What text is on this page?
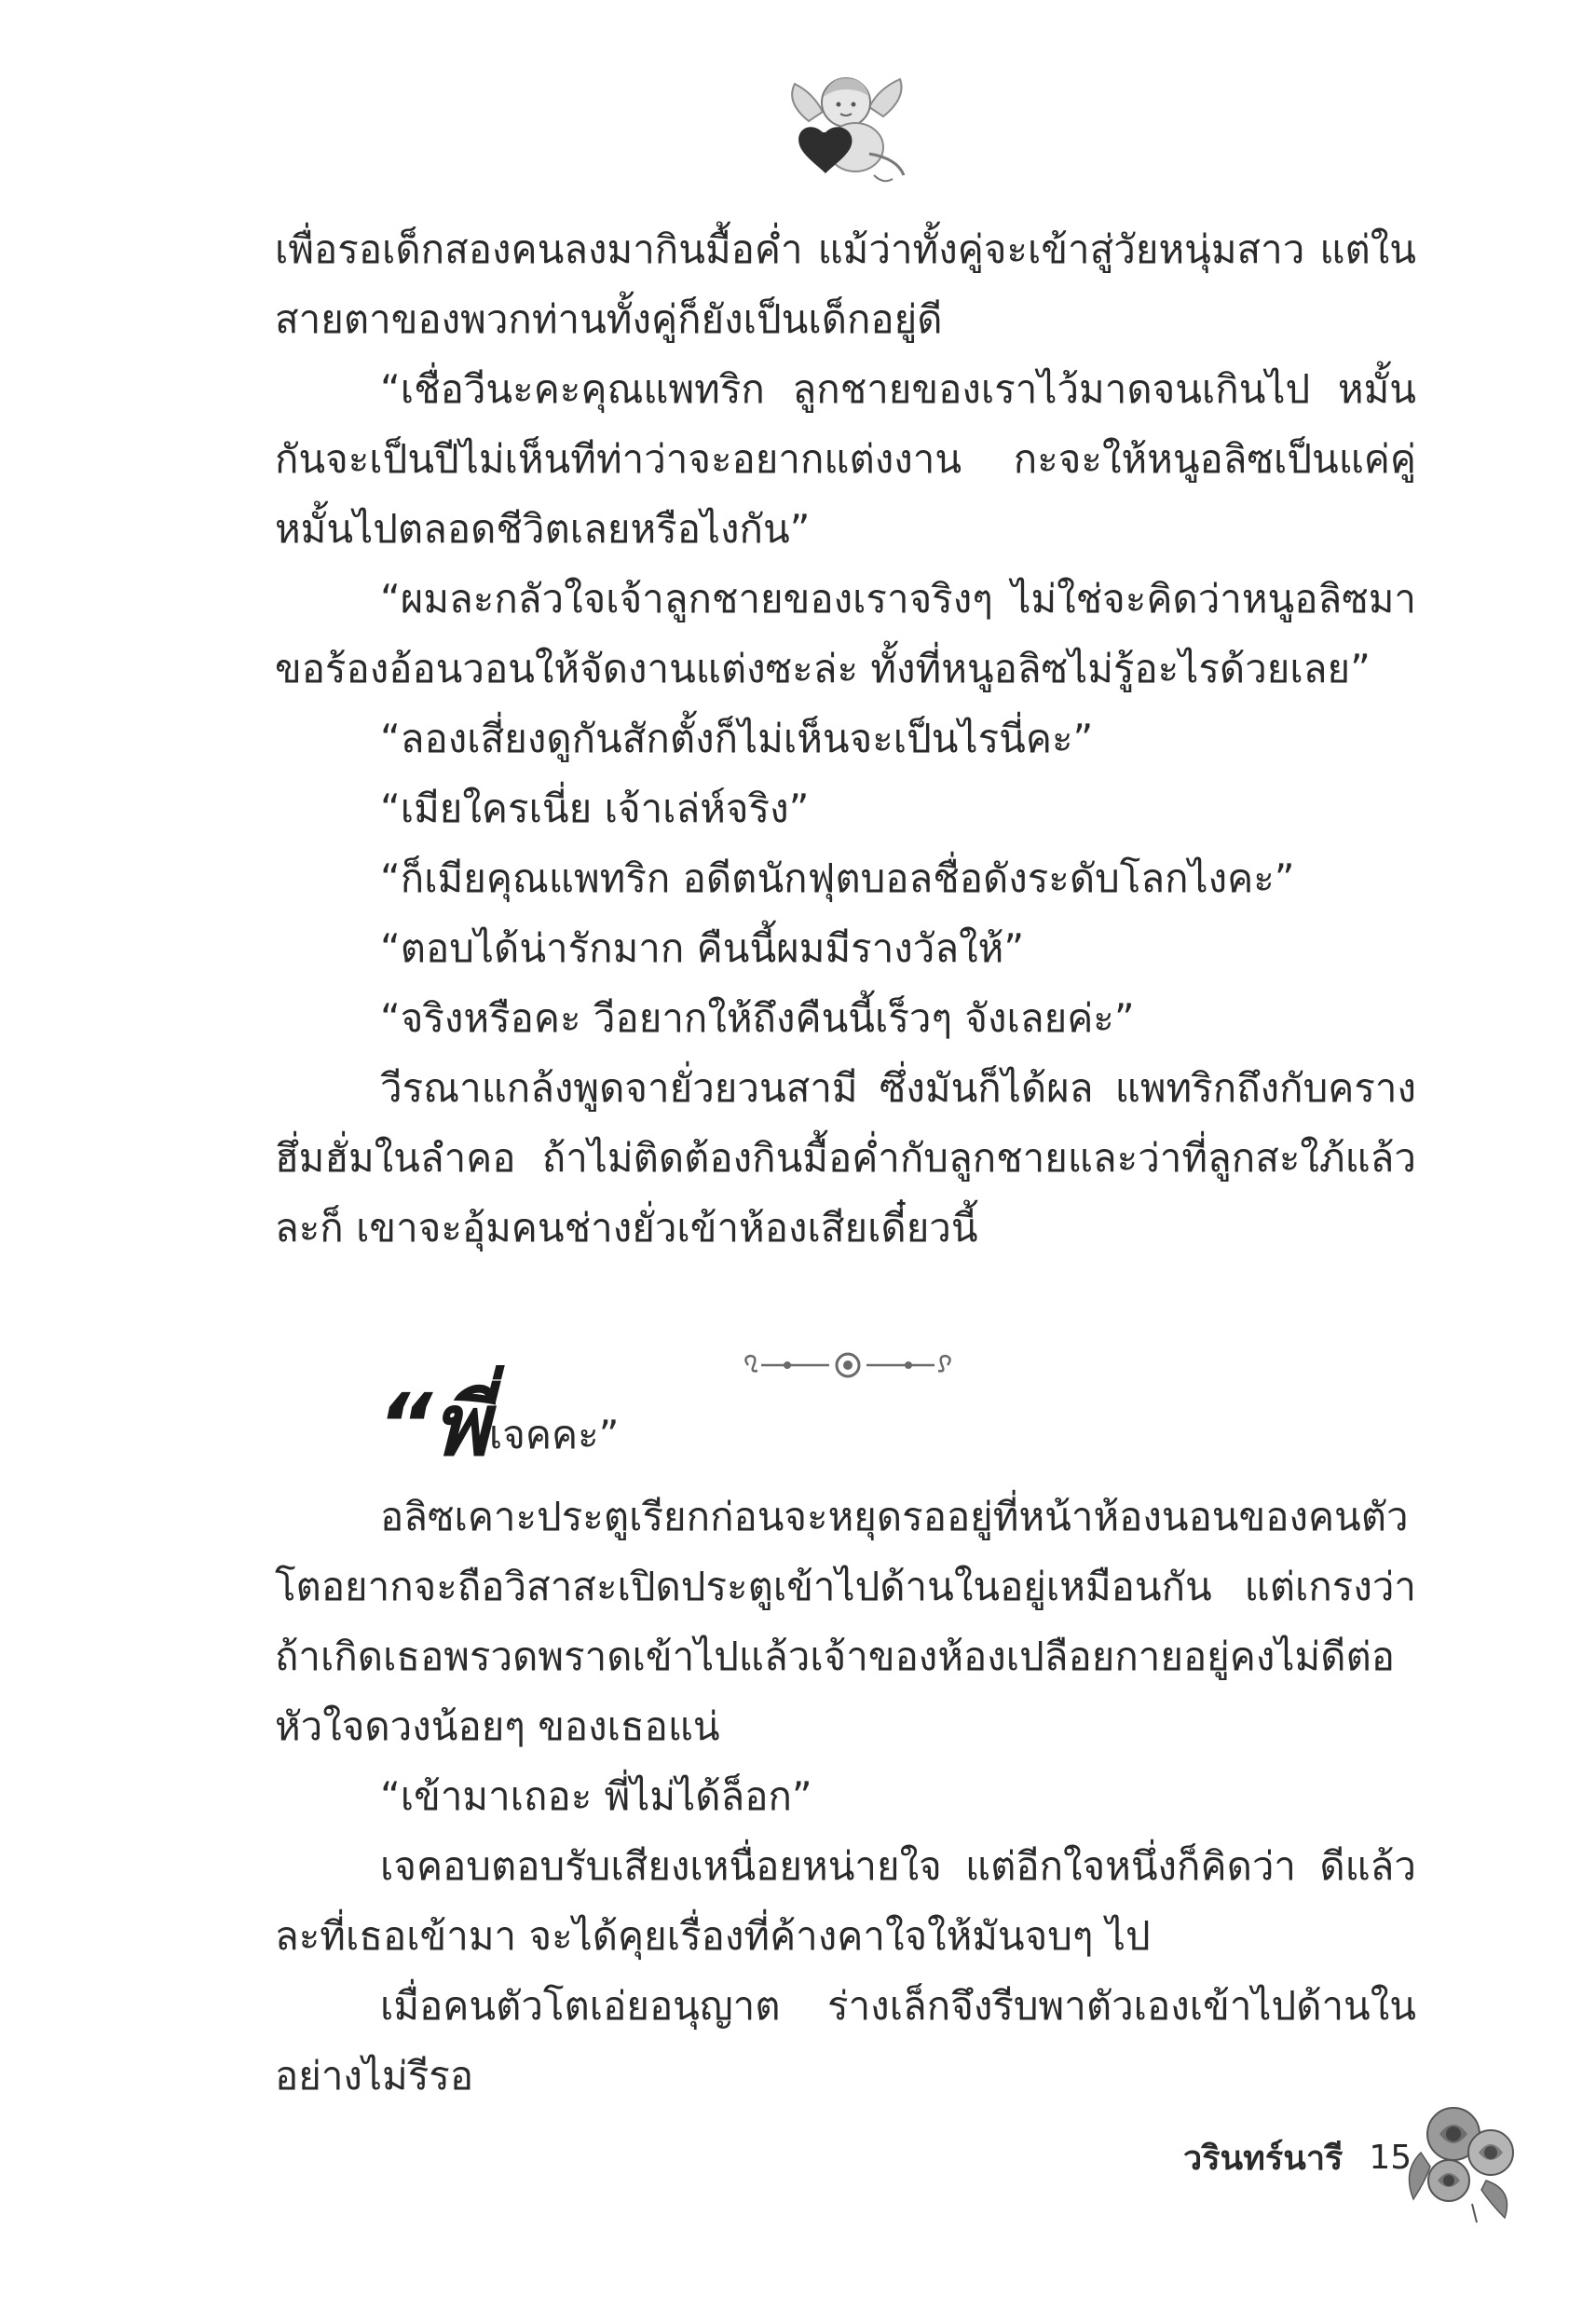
เพื่อรอเด็กสองคนลงมากินมื้อค่ำ แม้ว่าทั้งคู่จะเข้าสู่วัยหนุ่มสาว แต่ในสายตาของพวกท่านทั้งคู่ก็ยังเป็นเด็กอยู่ดี

“เชื่อวีนะคะคุณแพทริก ลูกชายของเราไว้มาดจนเกินไป หมั้นกันจะเป็นปีไม่เห็นทีท่าว่าจะอยากแต่งงาน กะจะให้หนูอลิซเป็นแค่คู่หมั้นไปตลอดชีวิตเลยหรือไงกัน”

“ผมละกลัวใจเจ้าลูกชายของเราจริงๆ ไม่ใช่จะคิดว่าหนูอลิซมาขอร้องอ้อนวอนให้จัดงานแต่งซะล่ะ ทั้งที่หนูอลิซไม่รู้อะไรด้วยเลย”

“ลองเสี่ยงดูกันสักตั้งก็ไม่เห็นจะเป็นไรนี่คะ”

“เมียใครเนี่ย เจ้าเล่ห์จริง”

“ก็เมียคุณแพทริก อดีตนักฟุตบอลชื่อดังระดับโลกไงคะ”

“ตอบได้น่ารักมาก คืนนี้ผมมีรางวัลให้”

“จริงหรือคะ วีอยากให้ถึงคืนนี้เร็วๆ จังเลยค่ะ”

วีรณาแกล้งพูดจายั่วยวนสามี ซึ่งมันก็ได้ผล แพทริกถึงกับครางฮึ่มฮั่มในลำคอ ถ้าไม่ติดต้องกินมื้อค่ำกับลูกชายและว่าที่ลูกสะใภ้แล้วละก็ เขาจะอุ้มคนช่างยั่วเข้าห้องเสียเดี๋ยวนี้

“พี่ เจคคะ”

อลิซเคาะประตูเรียกก่อนจะหยุดรออยู่ที่หน้าห้องนอนของคนตัวโตอยากจะถือวิสาสะเปิดประตูเข้าไปด้านในอยู่เหมือนกัน แต่เกรงว่าถ้าเกิดเธอพรวดพราดเข้าไปแล้วเจ้าของห้องเปลือยกายอยู่คงไม่ดีต่อหัวใจดวงน้อยๆ ของเธอแน่

“เข้ามาเถอะ พี่ไม่ได้ล็อก”

เจคอบตอบรับเสียงเหนื่อยหน่ายใจ แต่อีกใจหนึ่งก็คิดว่า ดีแล้วละที่เธอเข้ามา จะได้คุยเรื่องที่ค้างคาใจให้มันจบๆ ไป

เมื่อคนตัวโตเอ่ยอนุญาต ร่างเล็กจึงรีบพาตัวเองเข้าไปด้านในอย่างไม่รีรอ

วรินทร์นารี 15
